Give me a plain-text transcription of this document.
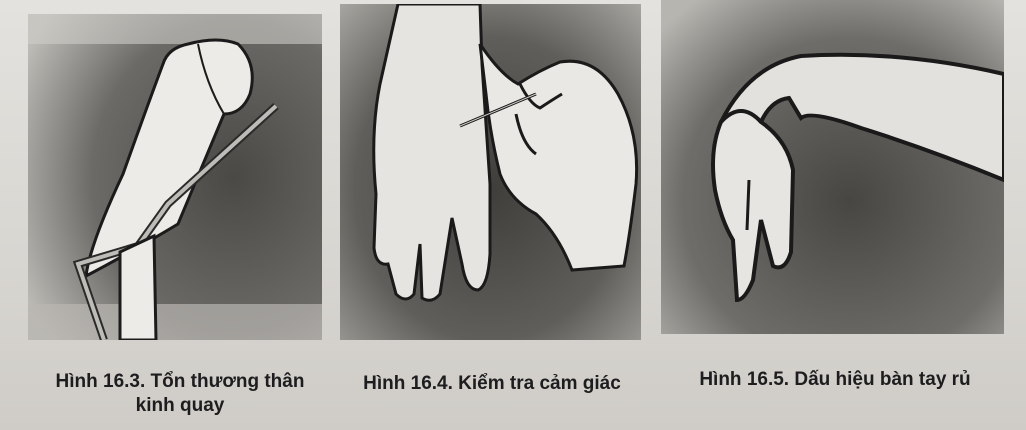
Hình 16.3. Tổn thương thân
kinh quay
Hình 16.4. Kiểm tra cảm giác	Hình 16.5. Dấu hiệu bàn tay rủ
